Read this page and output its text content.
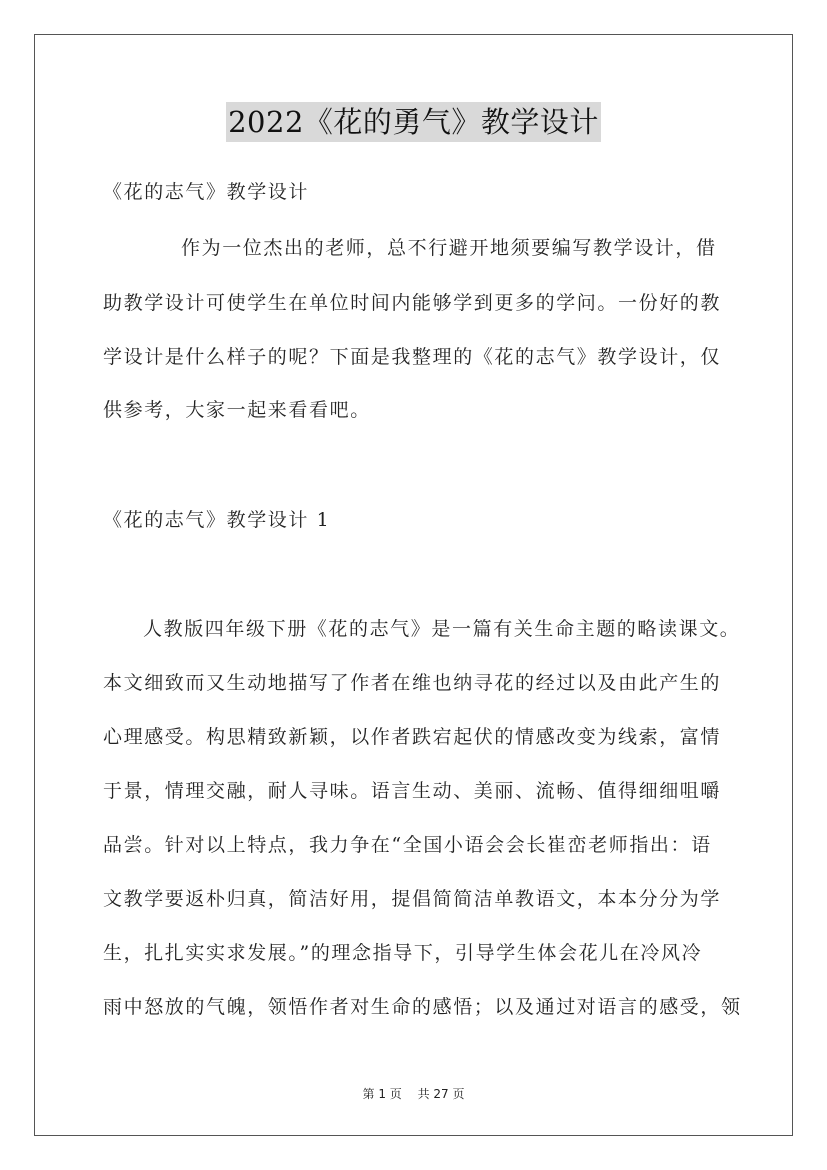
2022《花的勇气》教学设计
《花的志气》教学设计
作为一位杰出的老师，总不行避开地须要编写教学设计，借
助教学设计可使学生在单位时间内能够学到更多的学问。一份好的教
学设计是什么样子的呢？下面是我整理的《花的志气》教学设计，仅
供参考，大家一起来看看吧。
《花的志气》教学设计 1
人教版四年级下册《花的志气》是一篇有关生命主题的略读课文。
本文细致而又生动地描写了作者在维也纳寻花的经过以及由此产生的
心理感受。构思精致新颖，以作者跌宕起伏的情感改变为线索，富情
于景，情理交融，耐人寻味。语言生动、美丽、流畅、值得细细咀嚼
品尝。针对以上特点，我力争在“全国小语会会长崔峦老师指出：语
文教学要返朴归真，简洁好用，提倡简简洁单教语文，本本分分为学
生，扎扎实实求发展。”的理念指导下，引导学生体会花儿在冷风冷
雨中怒放的气魄，领悟作者对生命的感悟；以及通过对语言的感受，领
第 1 页 共 27 页
